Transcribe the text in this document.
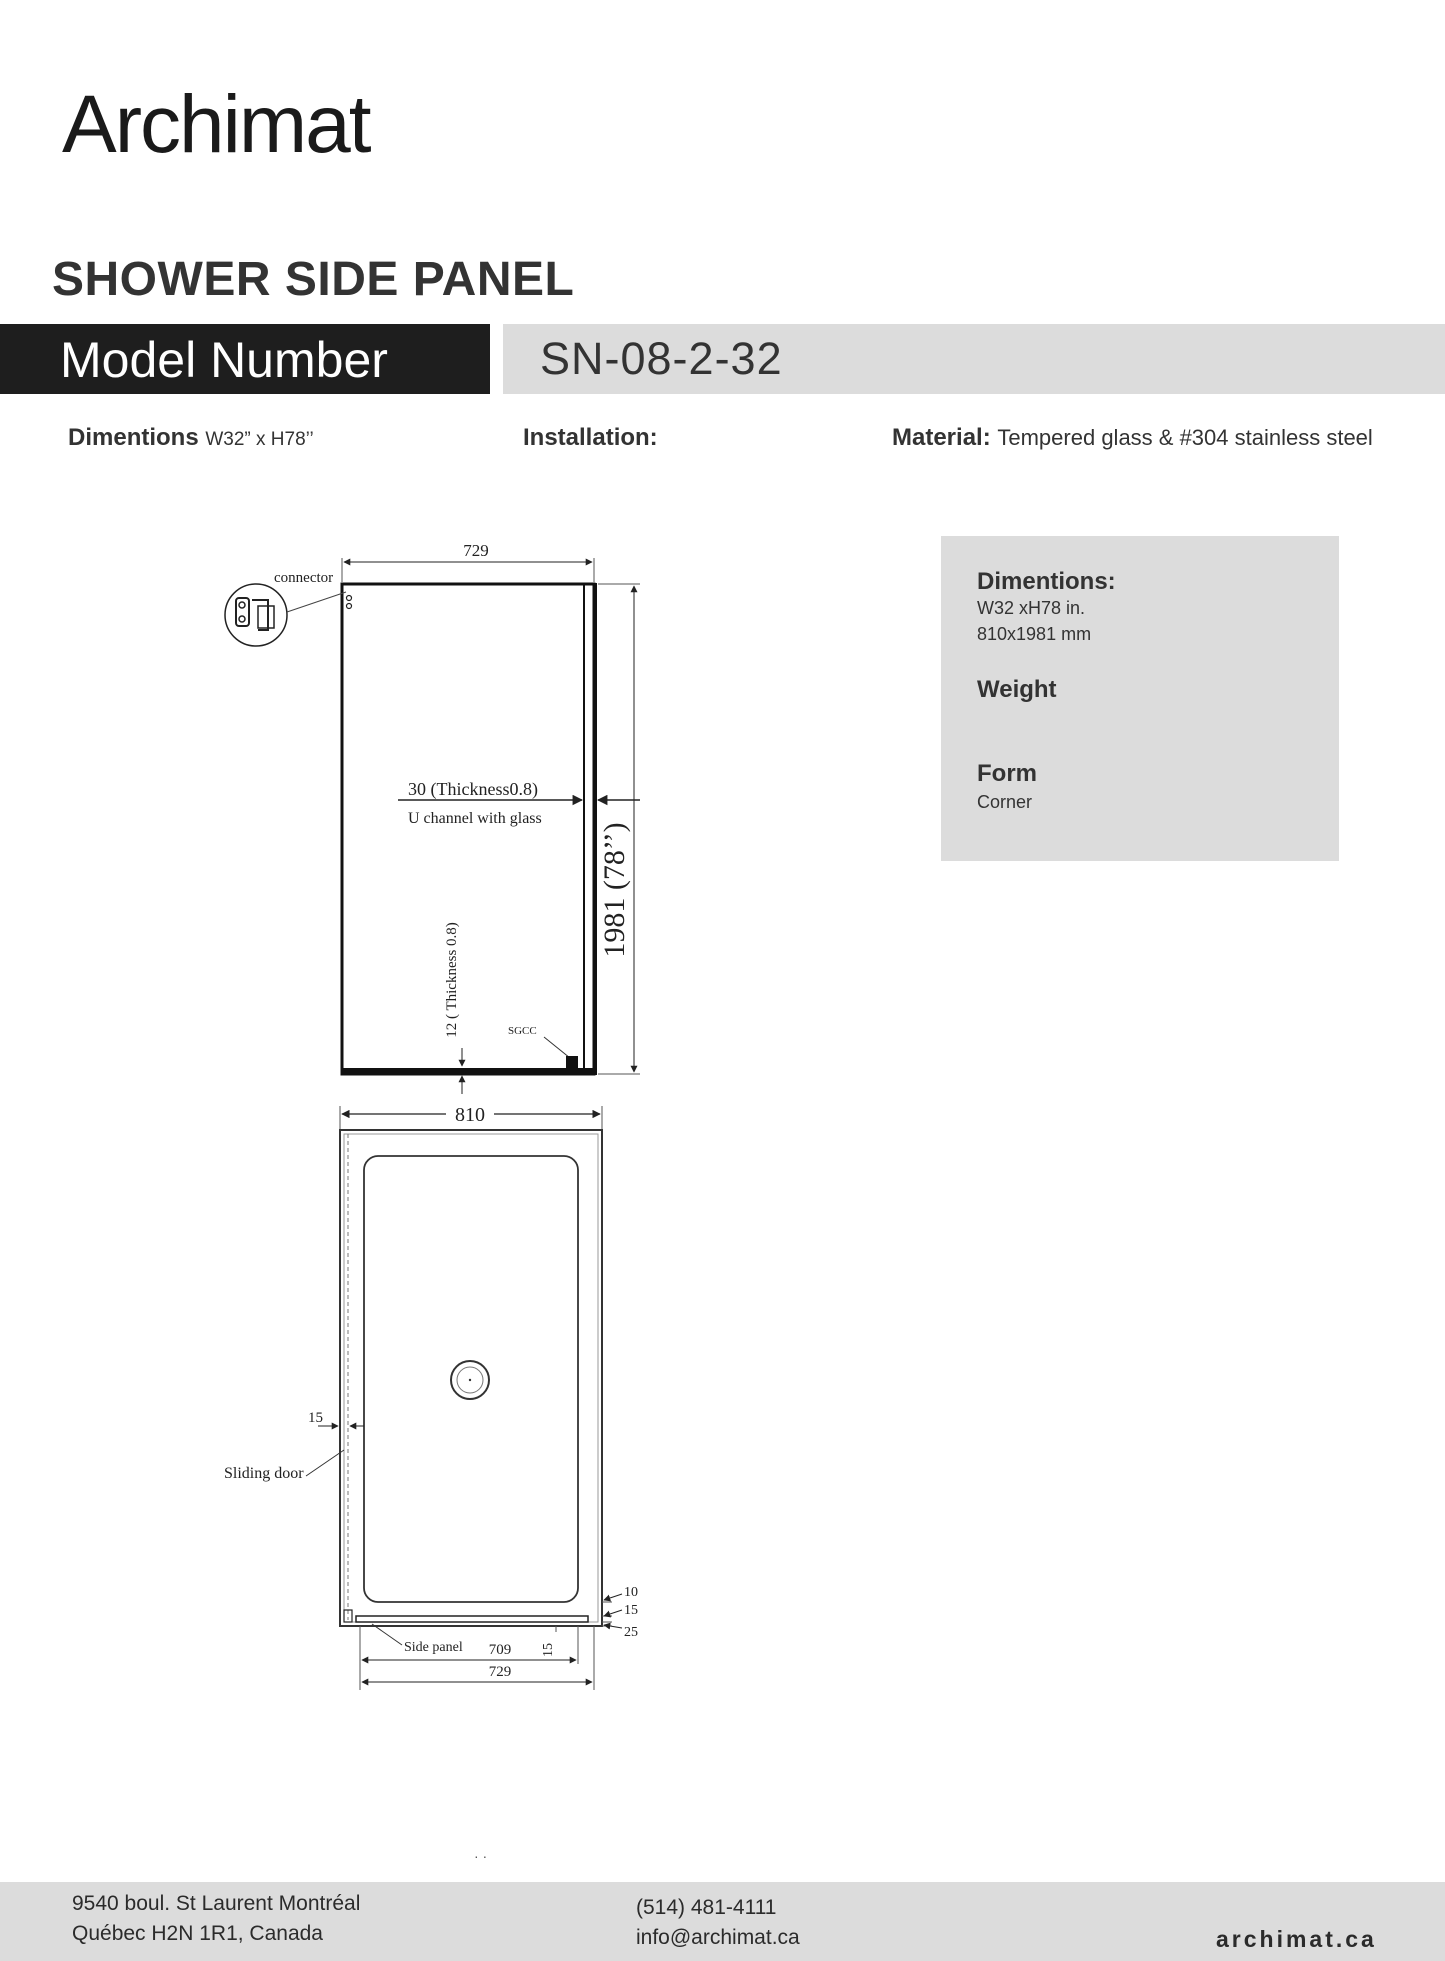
Archimat
SHOWER SIDE PANEL
Model Number	SN-08-2-32
Dimentions W32” x H78’’	Installation:	Material: Tempered glass & #304 stainless steel
Dimentions:
W32 xH78 in.
810x1981 mm
Weight
Form
Corner
729
connector
1981 (78’’)
30 (Thickness0.8)
U channel with glass
12 ( Thickness 0.8)	SGCC
810
15
Sliding door
Side panel
10
15
25
709
729
15
· ·
9540 boul. St Laurent Montréal
Québec H2N 1R1, Canada
(514) 481-4111
info@archimat.ca	archimat.ca
